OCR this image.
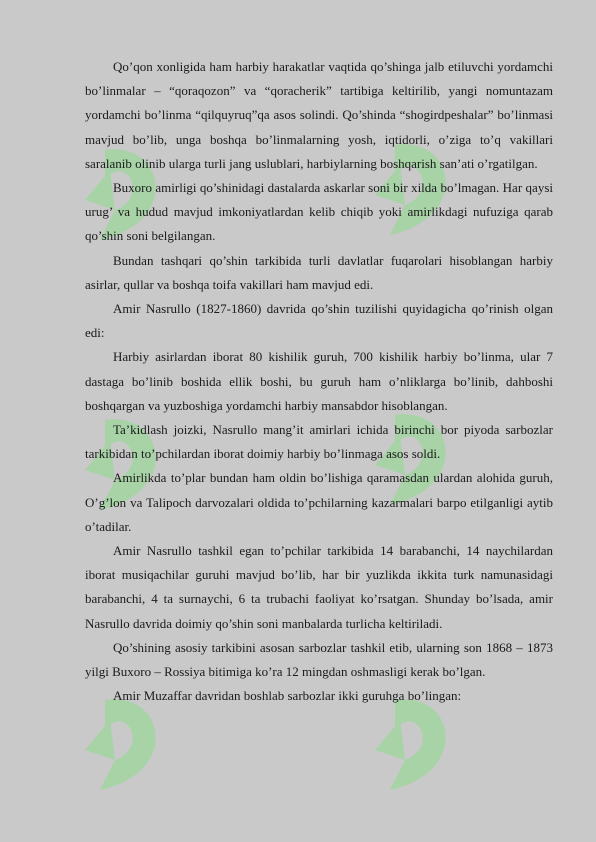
Qo’qon xonligida ham harbiy harakatlar vaqtida qo’shinga jalb etiluvchi yordamchi bo’linmalar – “qoraqozon” va “qoracherik” tartibiga keltirilib, yangi nomuntazam yordamchi bo’linma “qilquyruq”qa asos solindi. Qo’shinda “shogirdpeshalar” bo’linmasi mavjud bo’lib, unga boshqa bo’linmalarning yosh, iqtidorli, o’ziga to’q vakillari saralanib olinib ularga turli jang uslublari, harbiylarning boshqarish san’ati o’rgatilgan.

Buxoro amirligi qo’shinidagi dastalarda askarlar soni bir xilda bo’lmagan. Har qaysi urug’ va hudud mavjud imkoniyatlardan kelib chiqib yoki amirlikdagi nufuziga qarab qo’shin soni belgilangan.

Bundan tashqari qo’shin tarkibida turli davlatlar fuqarolari hisoblangan harbiy asirlar, qullar va boshqa toifa vakillari ham mavjud edi.

Amir Nasrullo (1827-1860) davrida qo’shin tuzilishi quyidagicha qo’rinish olgan edi:

Harbiy asirlardan iborat 80 kishilik guruh, 700 kishilik harbiy bo’linma, ular 7 dastaga bo’linib boshida ellik boshi, bu guruh ham o’nliklarga bo’linib, dahboshi boshqargan va yuzboshiga yordamchi harbiy mansabdor hisoblangan.

Ta’kidlash joizki, Nasrullo mang’it amirlari ichida birinchi bor piyoda sarbozlar tarkibidan to’pchilardan iborat doimiy harbiy bo’linmaga asos soldi.

Amirlikda to’plar bundan ham oldin bo’lishiga qaramasdan ulardan alohida guruh, O’g’lon va Talipoch darvozalari oldida to’pchilarning kazarmalari barpo etilganligi aytib o’tadilar.

Amir Nasrullo tashkil egan to’pchilar tarkibida 14 barabanchi, 14 naychilardan iborat musiqachilar guruhi mavjud bo’lib, har bir yuzlikda ikkita turk namunasidagi barabanchi, 4 ta surnaychi, 6 ta trubachi faoliyat ko’rsatgan. Shunday bo’lsada, amir Nasrullo davrida doimiy qo’shin soni manbalarda turlicha keltiriladi.

Qo’shining asosiy tarkibini asosan sarbozlar tashkil etib, ularning son 1868 – 1873 yilgi Buxoro – Rossiya bitimiga ko’ra 12 mingdan oshmasligi kerak bo’lgan.

Amir Muzaffar davridan boshlab sarbozlar ikki guruhga bo’lingan:
